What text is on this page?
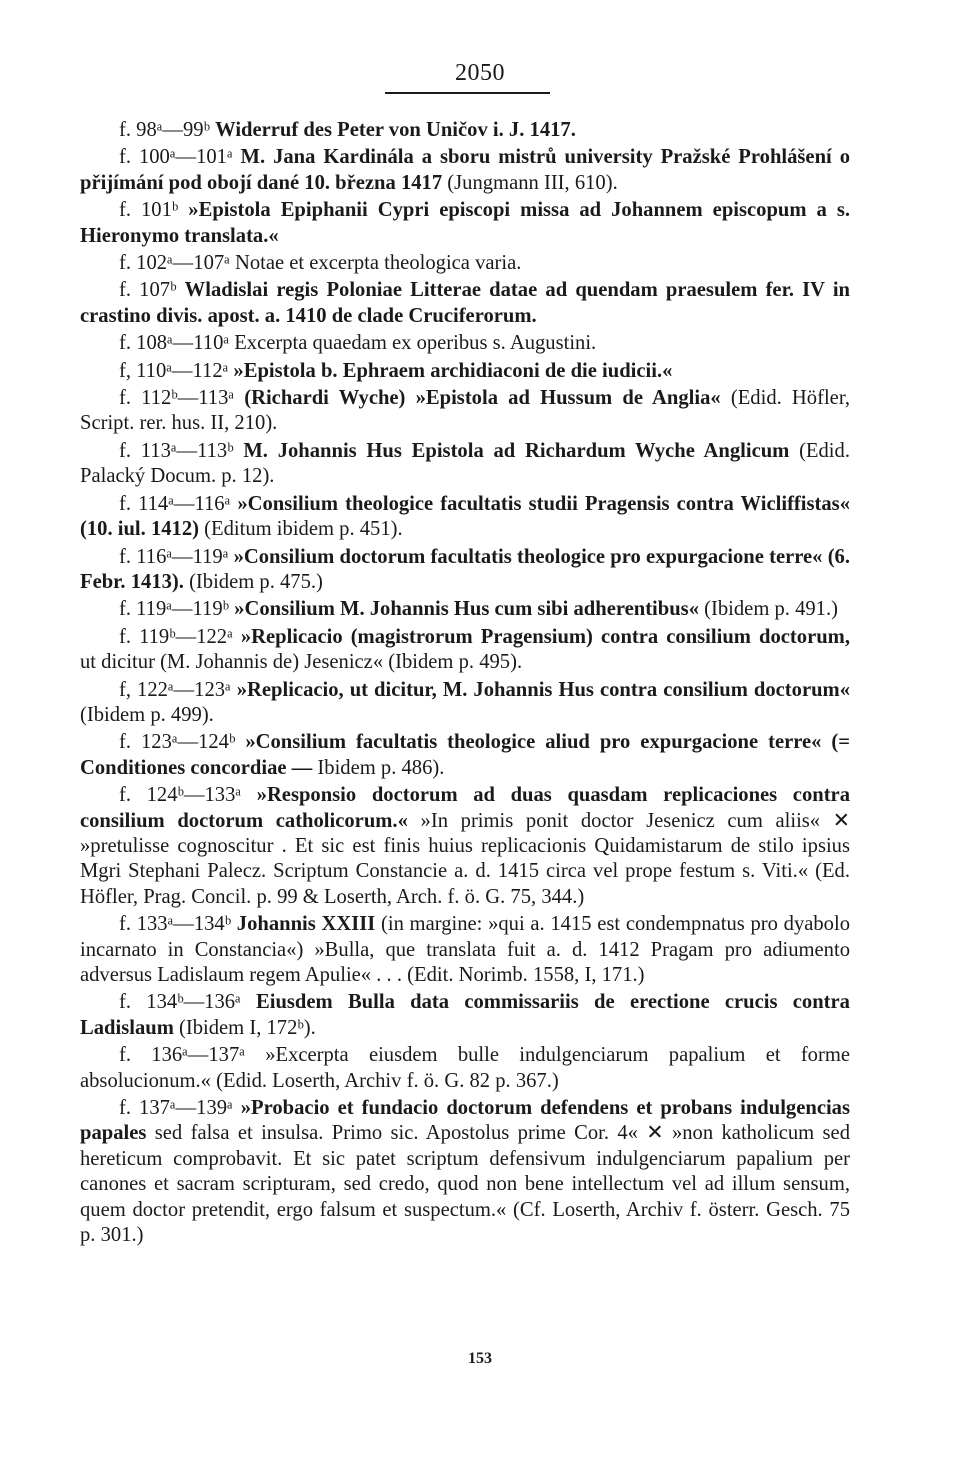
2050

f. 98ᵃ—99ᵇ Widerruf des Peter von Uničov i. J. 1417.

f. 100ᵃ—101ᵃ M. Jana Kardinála a sboru mistrů university Pražské Prohlášení o přijímání pod obojí dané 10. března 1417 (Jungmann III, 610).

f. 101ᵇ »Epistola Epiphanii Cypri episcopi missa ad Johannem episcopum a s. Hieronymo translata.«

f. 102ᵃ—107ᵃ Notae et excerpta theologica varia.

f. 107ᵇ Wladislai regis Poloniae Litterae datae ad quendam praesulem fer. IV in crastino divis. apost. a. 1410 de clade Cruciferorum.

f. 108ᵃ—110ᵃ Excerpta quaedam ex operibus s. Augustini.

f, 110ᵃ—112ᵃ »Epistola b. Ephraem archidiaconi de die iudicii.«

f. 112ᵇ—113ᵃ (Richardi Wyche) »Epistola ad Hussum de Anglia« (Edid. Höfler, Script. rer. hus. II, 210).

f. 113ᵃ—113ᵇ M. Johannis Hus Epistola ad Richardum Wyche Anglicum (Edid. Palacký Docum. p. 12).

f. 114ᵃ—116ᵃ »Consilium theologice facultatis studii Pragensis contra Wicliffistas« (10. iul. 1412) (Editum ibidem p. 451).

f. 116ᵃ—119ᵃ »Consilium doctorum facultatis theologice pro expurgacione terre« (6. Febr. 1413). (Ibidem p. 475.)

f. 119ᵃ—119ᵇ »Consilium M. Johannis Hus cum sibi adherentibus« (Ibidem p. 491.)

f. 119ᵇ—122ᵃ »Replicacio (magistrorum Pragensium) contra consilium doctorum, ut dicitur (M. Johannis de) Jesenicz« (Ibidem p. 495).

f, 122ᵃ—123ᵃ »Replicacio, ut dicitur, M. Johannis Hus contra consilium doctorum« (Ibidem p. 499).

f. 123ᵃ—124ᵇ »Consilium facultatis theologice aliud pro expurgacione terre« (= Conditiones concordiae — Ibidem p. 486).

f. 124ᵇ—133ᵃ »Responsio doctorum ad duas quasdam replicaciones contra consilium doctorum catholicorum.« »In primis ponit doctor Jesenicz cum aliis« ✕ »pretulisse cognoscitur . Et sic est finis huius replicacionis Quidamistarum de stilo ipsius Mgri Stephani Palecz. Scriptum Constancie a. d. 1415 circa vel prope festum s. Viti.« (Ed. Höfler, Prag. Concil. p. 99 & Loserth, Arch. f. ö. G. 75, 344.)

f. 133ᵃ—134ᵇ Johannis XXIII (in margine: »qui a. 1415 est condempnatus pro dyabolo incarnato in Constancia«) »Bulla, que translata fuit a. d. 1412 Pragam pro adiumento adversus Ladislaum regem Apulie« . . . (Edit. Norimb. 1558, I, 171.)

f. 134ᵇ—136ᵃ Eiusdem Bulla data commissariis de erectione crucis contra Ladislaum (Ibidem I, 172ᵇ).

f. 136ᵃ—137ᵃ »Excerpta eiusdem bulle indulgenciarum papalium et forme absolucionum.« (Edid. Loserth, Archiv f. ö. G. 82 p. 367.)

f. 137ᵃ—139ᵃ »Probacio et fundacio doctorum defendens et probans indulgencias papales sed falsa et insulsa. Primo sic. Apostolus prime Cor. 4« ✕ »non katholicum sed hereticum comprobavit. Et sic patet scriptum defensivum indulgenciarum papalium per canones et sacram scripturam, sed credo, quod non bene intellectum vel ad illum sensum, quem doctor pretendit, ergo falsum et suspectum.« (Cf. Loserth, Archiv f. österr. Gesch. 75 p. 301.)

153
